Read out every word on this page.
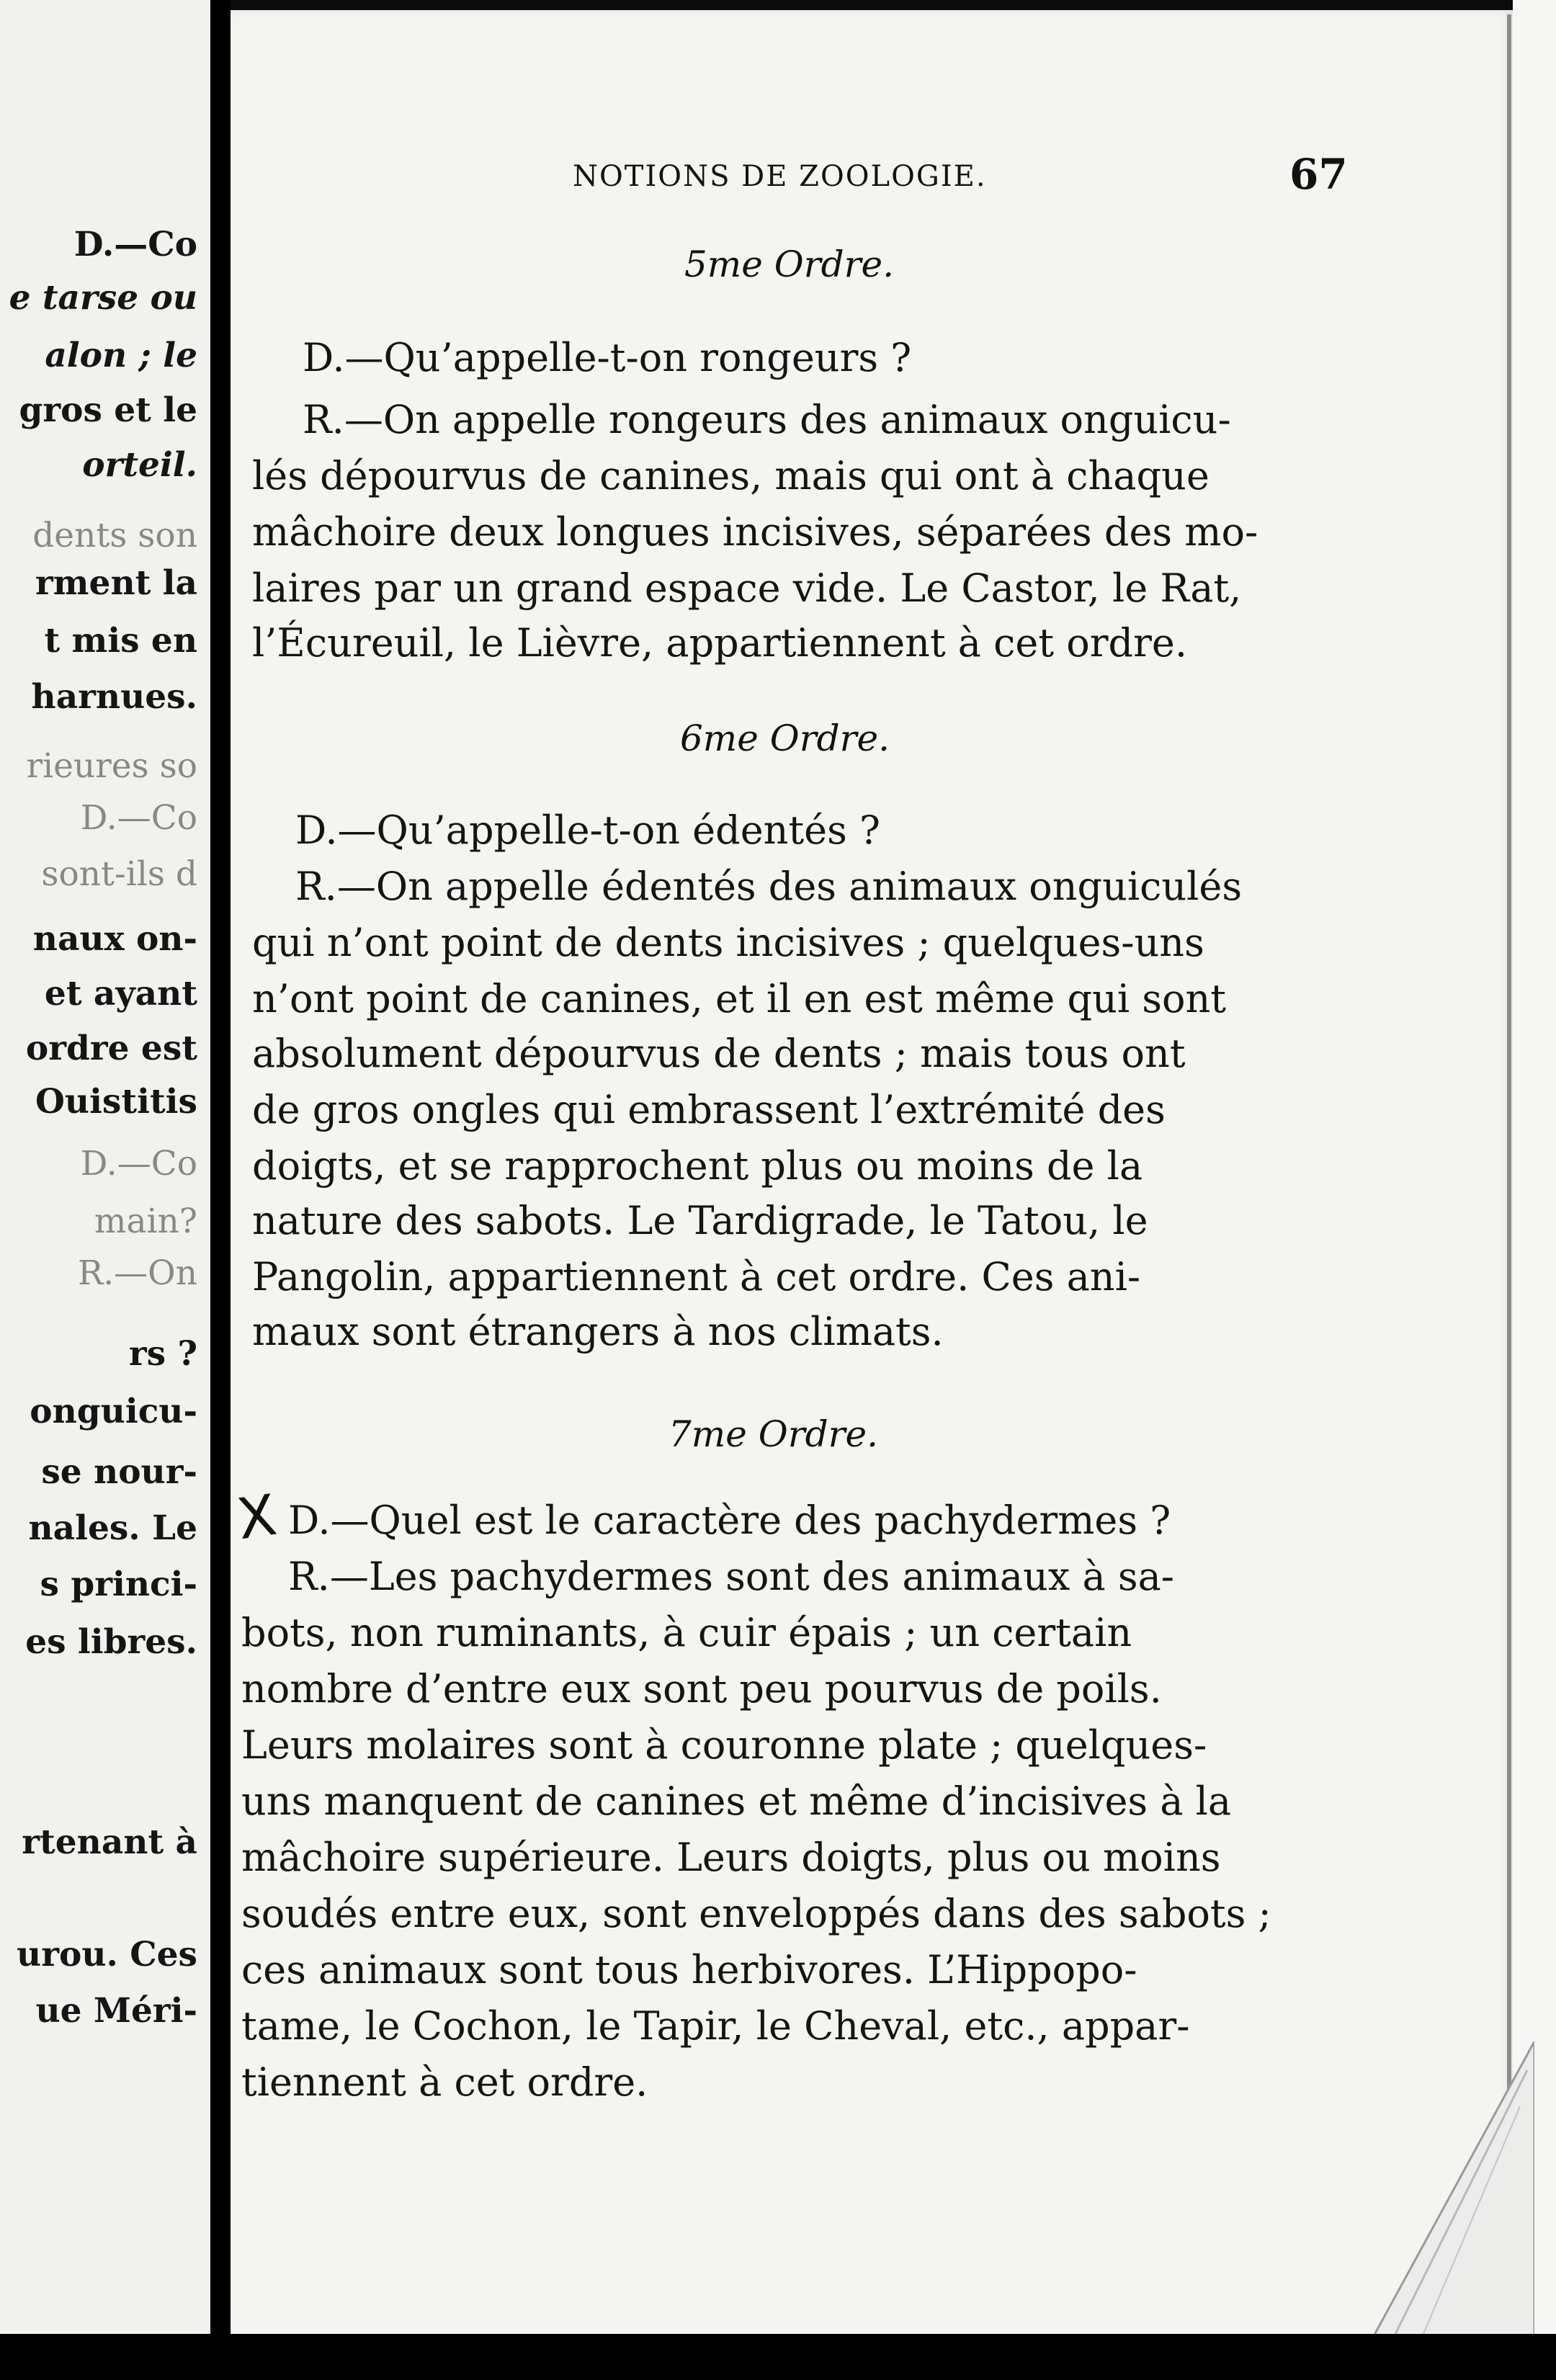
D.—Co
e tarse ou
alon ; le
gros et le
orteil.
dents son
rment la
t mis en
harnues.
rieures so
D.—Co
sont-ils d
naux on-
et ayant
ordre est
Ouistitis
D.—Co
main?
R.—On
rs ?
onguicu-
se nour-
nales. Le
s princi-
es libres.
rtenant à
urou. Ces
ue Méri-
NOTIONS DE ZOOLOGIE.	67
5me Ordre.
D.—Qu’appelle-t-on rongeurs ?
R.—On appelle rongeurs des animaux onguicu-
lés dépourvus de canines, mais qui ont à chaque
mâchoire deux longues incisives, séparées des mo-
laires par un grand espace vide. Le Castor, le Rat,
l’Écureuil, le Lièvre, appartiennent à cet ordre.
6me Ordre.
D.—Qu’appelle-t-on édentés ?
R.—On appelle édentés des animaux onguiculés
qui n’ont point de dents incisives ; quelques-uns
n’ont point de canines, et il en est même qui sont
absolument dépourvus de dents ; mais tous ont
de gros ongles qui embrassent l’extrémité des
doigts, et se rapprochent plus ou moins de la
nature des sabots. Le Tardigrade, le Tatou, le
Pangolin, appartiennent à cet ordre. Ces ani-
maux sont étrangers à nos climats.
7me Ordre.
X D.—Quel est le caractère des pachydermes ?
R.—Les pachydermes sont des animaux à sa-
bots, non ruminants, à cuir épais ; un certain
nombre d’entre eux sont peu pourvus de poils.
Leurs molaires sont à couronne plate ; quelques-
uns manquent de canines et même d’incisives à la
mâchoire supérieure. Leurs doigts, plus ou moins
soudés entre eux, sont enveloppés dans des sabots ;
ces animaux sont tous herbivores. L’Hippopo-
tame, le Cochon, le Tapir, le Cheval, etc., appar-
tiennent à cet ordre.
